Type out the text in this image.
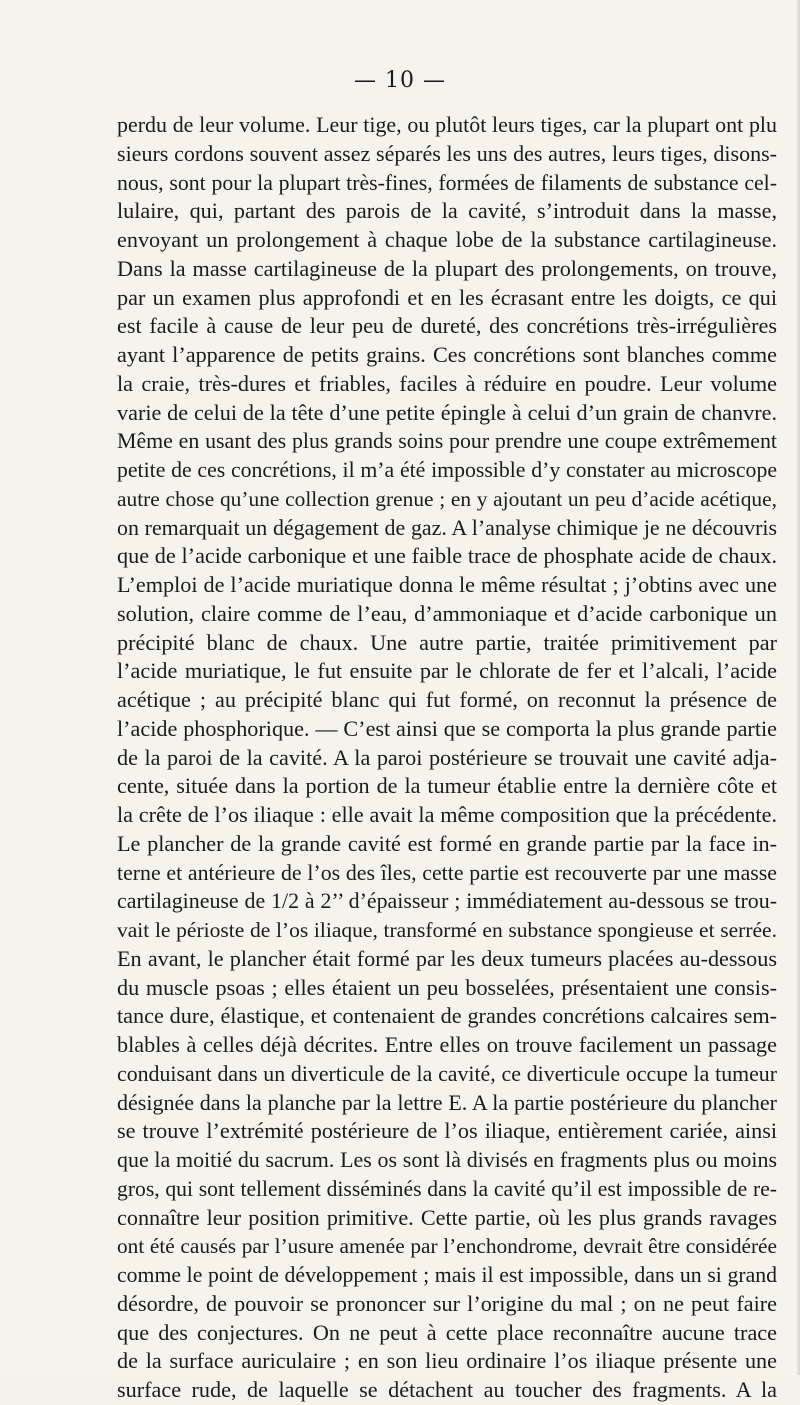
— 10 —
perdu de leur volume. Leur tige, ou plutôt leurs tiges, car la plupart ont plu
sieurs cordons souvent assez séparés les uns des autres, leurs tiges, disons-
nous, sont pour la plupart très-fines, formées de filaments de substance cel-
lulaire, qui, partant des parois de la cavité, s’introduit dans la masse,
envoyant un prolongement à chaque lobe de la substance cartilagineuse.
Dans la masse cartilagineuse de la plupart des prolongements, on trouve,
par un examen plus approfondi et en les écrasant entre les doigts, ce qui
est facile à cause de leur peu de dureté, des concrétions très-irrégulières
ayant l’apparence de petits grains. Ces concrétions sont blanches comme
la craie, très-dures et friables, faciles à réduire en poudre. Leur volume
varie de celui de la tête d’une petite épingle à celui d’un grain de chanvre.
Même en usant des plus grands soins pour prendre une coupe extrêmement
petite de ces concrétions, il m’a été impossible d’y constater au microscope
autre chose qu’une collection grenue ; en y ajoutant un peu d’acide acétique,
on remarquait un dégagement de gaz. A l’analyse chimique je ne découvris
que de l’acide carbonique et une faible trace de phosphate acide de chaux.
L’emploi de l’acide muriatique donna le même résultat ; j’obtins avec une
solution, claire comme de l’eau, d’ammoniaque et d’acide carbonique un
précipité blanc de chaux. Une autre partie, traitée primitivement par
l’acide muriatique, le fut ensuite par le chlorate de fer et l’alcali, l’acide
acétique ; au précipité blanc qui fut formé, on reconnut la présence de
l’acide phosphorique. — C’est ainsi que se comporta la plus grande partie
de la paroi de la cavité. A la paroi postérieure se trouvait une cavité adja-
cente, située dans la portion de la tumeur établie entre la dernière côte et
la crête de l’os iliaque : elle avait la même composition que la précédente.
Le plancher de la grande cavité est formé en grande partie par la face in-
terne et antérieure de l’os des îles, cette partie est recouverte par une masse
cartilagineuse de 1/2 à 2’’ d’épaisseur ; immédiatement au-dessous se trou-
vait le périoste de l’os iliaque, transformé en substance spongieuse et serrée.
En avant, le plancher était formé par les deux tumeurs placées au-dessous
du muscle psoas ; elles étaient un peu bosselées, présentaient une consis-
tance dure, élastique, et contenaient de grandes concrétions calcaires sem-
blables à celles déjà décrites. Entre elles on trouve facilement un passage
conduisant dans un diverticule de la cavité, ce diverticule occupe la tumeur
désignée dans la planche par la lettre E. A la partie postérieure du plancher
se trouve l’extrémité postérieure de l’os iliaque, entièrement cariée, ainsi
que la moitié du sacrum. Les os sont là divisés en fragments plus ou moins
gros, qui sont tellement disséminés dans la cavité qu’il est impossible de re-
connaître leur position primitive. Cette partie, où les plus grands ravages
ont été causés par l’usure amenée par l’enchondrome, devrait être considérée
comme le point de développement ; mais il est impossible, dans un si grand
désordre, de pouvoir se prononcer sur l’origine du mal ; on ne peut faire
que des conjectures. On ne peut à cette place reconnaître aucune trace
de la surface auriculaire ; en son lieu ordinaire l’os iliaque présente une
surface rude, de laquelle se détachent au toucher des fragments. A la
